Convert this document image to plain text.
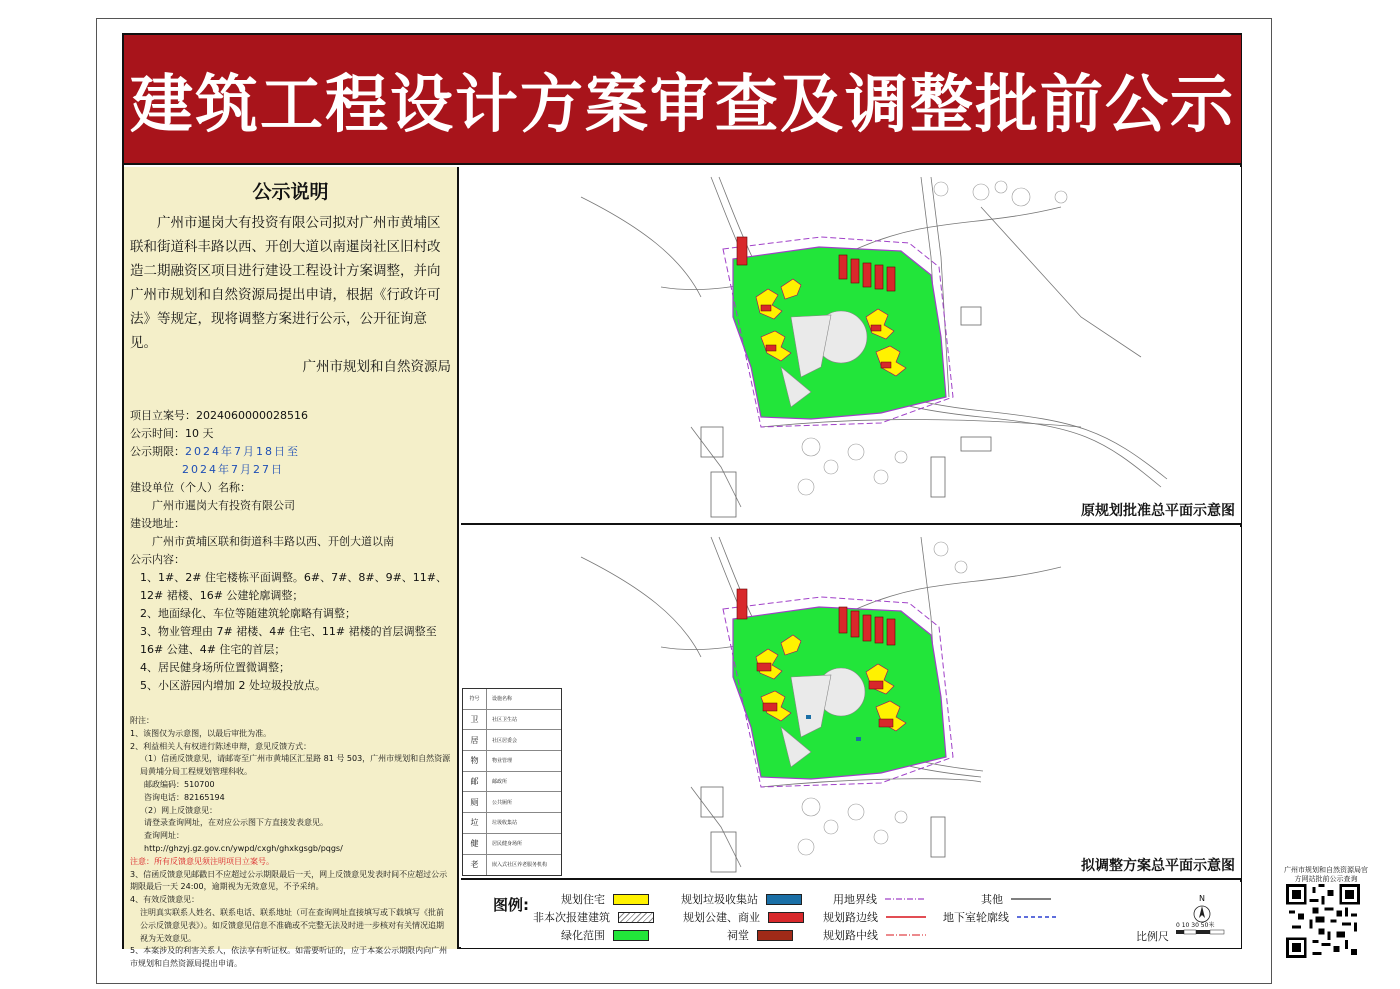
建筑工程设计方案审查及调整批前公示
公示说明
广州市暹岗大有投资有限公司拟对广州市黄埔区联和街道科丰路以西、开创大道以南暹岗社区旧村改造二期融资区项目进行建设工程设计方案调整，并向广州市规划和自然资源局提出申请，根据《行政许可法》等规定，现将调整方案进行公示，公开征询意见。
广州市规划和自然资源局
项目立案号：2024060000028516
公示时间：10 天
公示期限：2024年7月18日至
2024年7月27日
建设单位（个人）名称：
广州市暹岗大有投资有限公司
建设地址：
广州市黄埔区联和街道科丰路以西、开创大道以南
公示内容：
1、1#、2# 住宅楼栋平面调整。6#、7#、8#、9#、11#、12# 裙楼、16# 公建轮廓调整；
2、地面绿化、车位等随建筑轮廓略有调整；
3、物业管理由 7# 裙楼、4# 住宅、11# 裙楼的首层调整至 16# 公建、4# 住宅的首层；
4、居民健身场所位置微调整；
5、小区游园内增加 2 处垃圾投放点。
附注：
1、该图仅为示意图，以最后审批为准。
2、利益相关人有权进行陈述申辩，意见反馈方式：
（1）信函反馈意见，请邮寄至广州市黄埔区汇星路 81 号 503，广州市规划和自然资源局黄埔分局工程规划管理科收。
邮政编码：510700
咨询电话：82165194
（2）网上反馈意见：
请登录查询网址，在对应公示图下方直接发表意见。
查询网址：
http://ghzyj.gz.gov.cn/ywpd/cxgh/ghxkgsgb/pqgs/
注意：所有反馈意见须注明项目立案号。
3、信函反馈意见邮戳日不应超过公示期限最后一天，网上反馈意见发表时间不应超过公示期限最后一天 24:00，逾期视为无效意见，不予采纳。
4、有效反馈意见：
注明真实联系人姓名、联系电话、联系地址（可在查询网址直接填写或下载填写《批前公示反馈意见表》）。如反馈意见信息不准确或不完整无法及时进一步核对有关情况追期视为无效意见。
5、本案涉及的利害关系人，依法享有听证权。如需要听证的，应于本案公示期限内向广州市规划和自然资源局提出申请。
原规划批准总平面示意图
拟调整方案总平面示意图
符号	设施名称
卫	社区卫生站
居	社区居委会
物	物业管理
邮	邮政所
厕	公共厕所
垃	垃圾收集站
健	居民健身场所
老	嵌入式社区养老服务机构
图例:	规划住宅
非本次报建建筑
绿化范围
规划垃圾收集站
规划公建、商业
祠堂
用地界线
规划路边线
规划路中线
其他
地下室轮廓线
N
比例尺
0 10 30 50米
广州市规划和自然资源局官方网站批前公示查询
